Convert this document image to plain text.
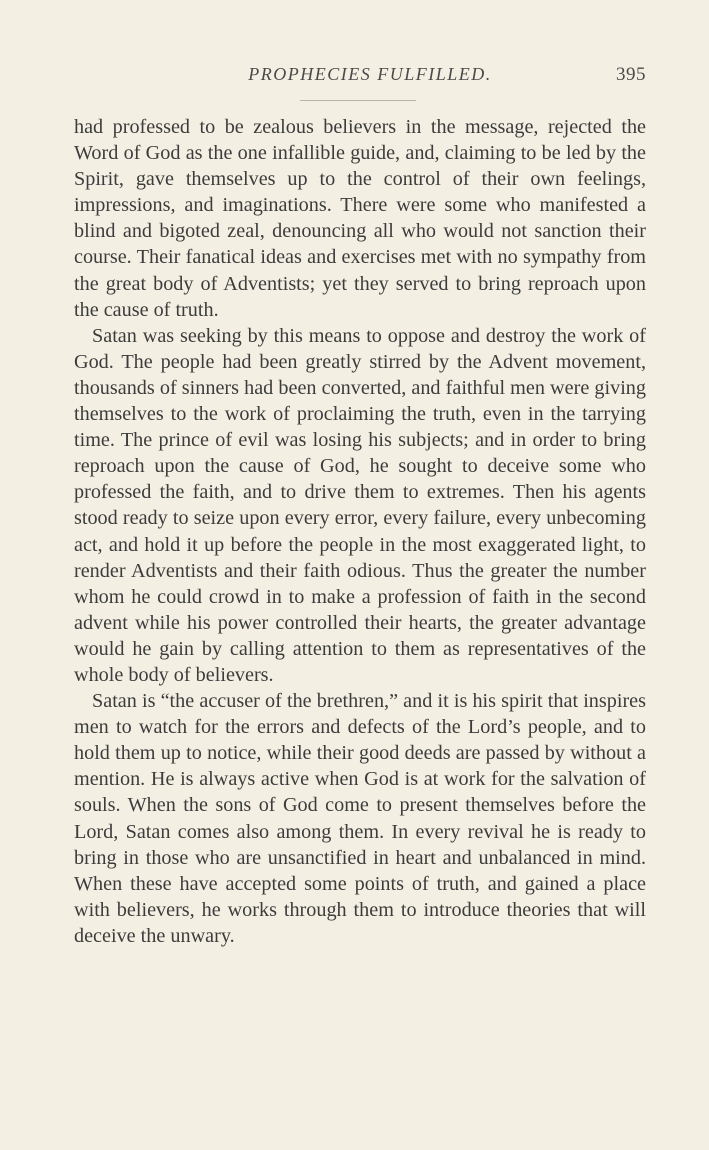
PROPHECIES FULFILLED.	395

had professed to be zealous believers in the message, rejected the Word of God as the one infallible guide, and, claiming to be led by the Spirit, gave themselves up to the control of their own feelings, impressions, and imaginations. There were some who manifested a blind and bigoted zeal, denouncing all who would not sanction their course. Their fanatical ideas and exercises met with no sympathy from the great body of Adventists; yet they served to bring reproach upon the cause of truth.

Satan was seeking by this means to oppose and destroy the work of God. The people had been greatly stirred by the Advent movement, thousands of sinners had been converted, and faithful men were giving themselves to the work of proclaiming the truth, even in the tarrying time. The prince of evil was losing his subjects; and in order to bring reproach upon the cause of God, he sought to deceive some who professed the faith, and to drive them to extremes. Then his agents stood ready to seize upon every error, every failure, every unbecoming act, and hold it up before the people in the most exaggerated light, to render Adventists and their faith odious. Thus the greater the number whom he could crowd in to make a profession of faith in the second advent while his power controlled their hearts, the greater advantage would he gain by calling attention to them as representatives of the whole body of believers.

Satan is “the accuser of the brethren,” and it is his spirit that inspires men to watch for the errors and defects of the Lord’s people, and to hold them up to notice, while their good deeds are passed by without a mention. He is always active when God is at work for the salvation of souls. When the sons of God come to present themselves before the Lord, Satan comes also among them. In every revival he is ready to bring in those who are unsanctified in heart and unbalanced in mind. When these have accepted some points of truth, and gained a place with believers, he works through them to introduce theories that will deceive the unwary.
